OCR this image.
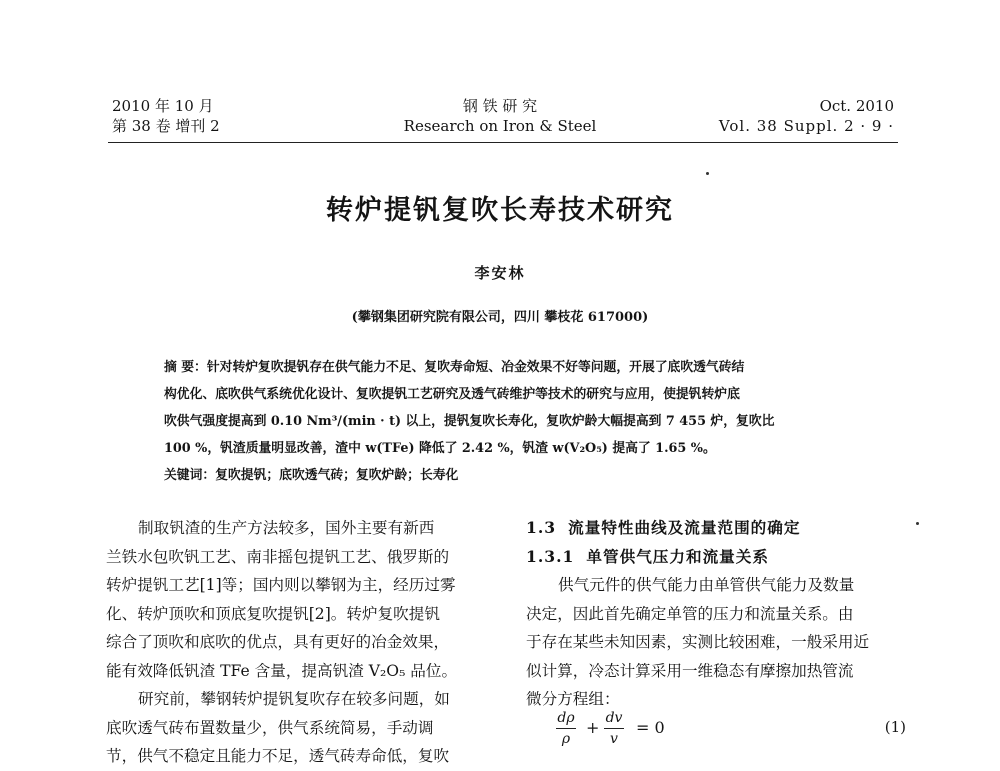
2010 年 10 月
第 38 卷 增刊 2
钢 铁 研 究
Research on Iron & Steel
Oct. 2010
Vol. 38 Suppl. 2 · 9 ·
转炉提钒复吹长寿技术研究
李安林
(攀钢集团研究院有限公司，四川 攀枝花 617000)
摘 要：针对转炉复吹提钒存在供气能力不足、复吹寿命短、冶金效果不好等问题，开展了底吹透气砖结
构优化、底吹供气系统优化设计、复吹提钒工艺研究及透气砖维护等技术的研究与应用，使提钒转炉底
吹供气强度提高到 0.10 Nm³/(min · t) 以上，提钒复吹长寿化，复吹炉龄大幅提高到 7 455 炉，复吹比
100 %，钒渣质量明显改善，渣中 w(TFe) 降低了 2.42 %，钒渣 w(V₂O₅) 提高了 1.65 %。
关键词：复吹提钒；底吹透气砖；复吹炉龄；长寿化
制取钒渣的生产方法较多，国外主要有新西
兰铁水包吹钒工艺、南非摇包提钒工艺、俄罗斯的
转炉提钒工艺[1]等；国内则以攀钢为主，经历过雾
化、转炉顶吹和顶底复吹提钒[2]。转炉复吹提钒
综合了顶吹和底吹的优点，具有更好的冶金效果，
能有效降低钒渣 TFe 含量，提高钒渣 V₂O₅ 品位。
研究前，攀钢转炉提钒复吹存在较多问题，如
底吹透气砖布置数量少，供气系统简易，手动调
节，供气不稳定且能力不足，透气砖寿命低，复吹
1.3 流量特性曲线及流量范围的确定
1.3.1 单管供气压力和流量关系
供气元件的供气能力由单管供气能力及数量
决定，因此首先确定单管的压力和流量关系。由
于存在某些未知因素，实测比较困难，一般采用近
似计算，冷态计算采用一维稳态有摩擦加热管流
微分方程组：
dρ
ρ
+ dv
v
= 0	(1)
